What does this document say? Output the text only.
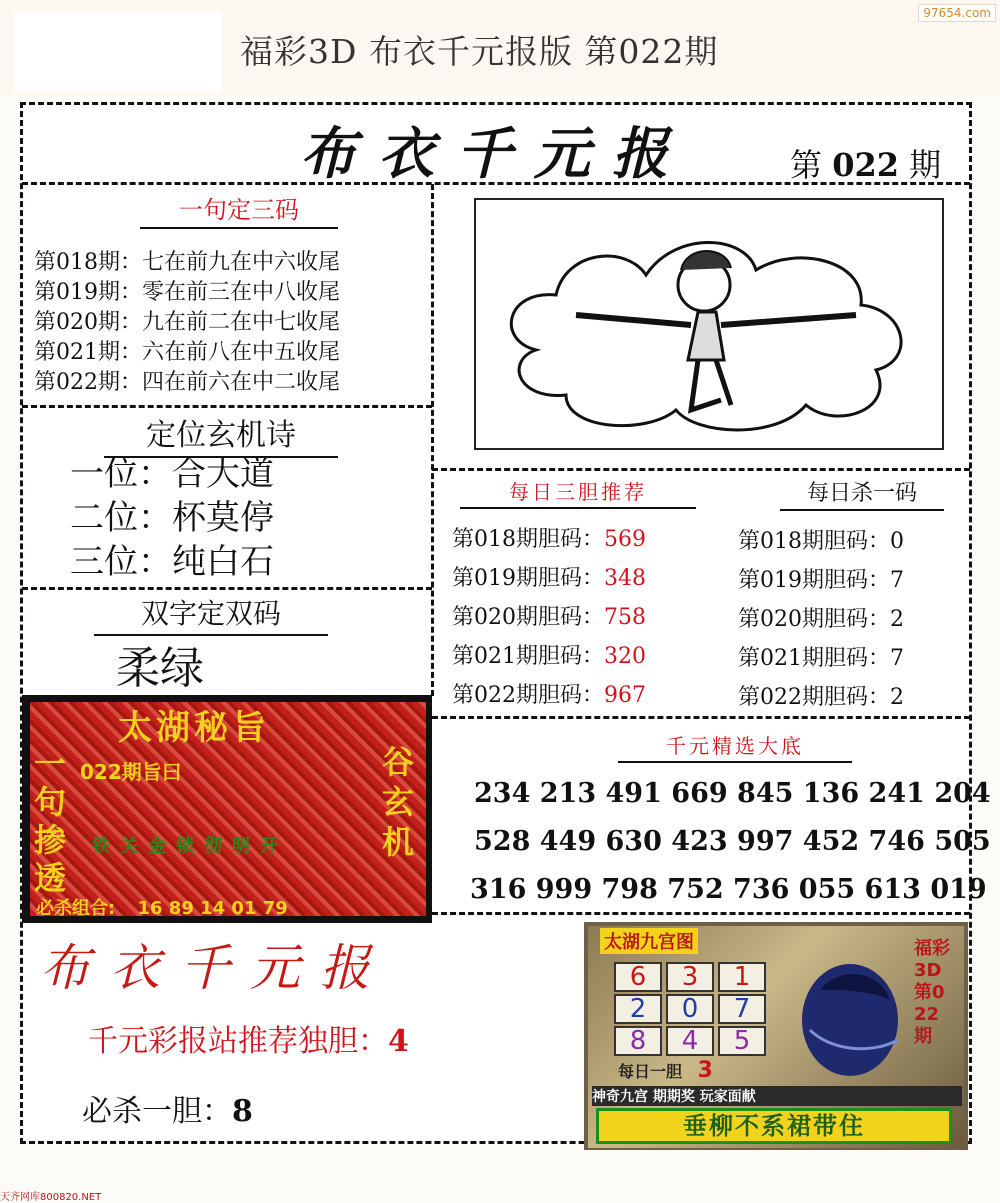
福彩3D 布衣千元报版 第022期
97654.com
布衣千元报	第 022 期
一句定三码
第018期：七在前九在中六收尾
第019期：零在前三在中八收尾
第020期：九在前二在中七收尾
第021期：六在前八在中五收尾
第022期：四在前六在中二收尾
定位玄机诗
一位：合大道
二位：杯莫停
三位：纯白石
双字定双码
柔绿
每日三胆推荐
第018期胆码：569
第019期胆码：348
第020期胆码：758
第021期胆码：320
第022期胆码：967
每日杀一码
第018期胆码：0
第019期胆码：7
第020期胆码：2
第021期胆码：7
第022期胆码：2
千元精选大底
234 213 491 669 845 136 241 204
528 449 630 423 997 452 746 505
316 999 798 752 736 055 613 019
太湖秘旨
022期旨曰
一句掺透
谷玄机
铁关金锁彻明开
必杀组合: 16 89 14 01 79
布衣千元报
千元彩报站推荐独胆：4
必杀一胆：8
太湖九宫图	福彩3D第022期
6	3	1
2	0	7
8	4	5
每日一胆 3
神奇九宫 期期奖 玩家面献
垂柳不系裙带住
天齐网库800820.NET
